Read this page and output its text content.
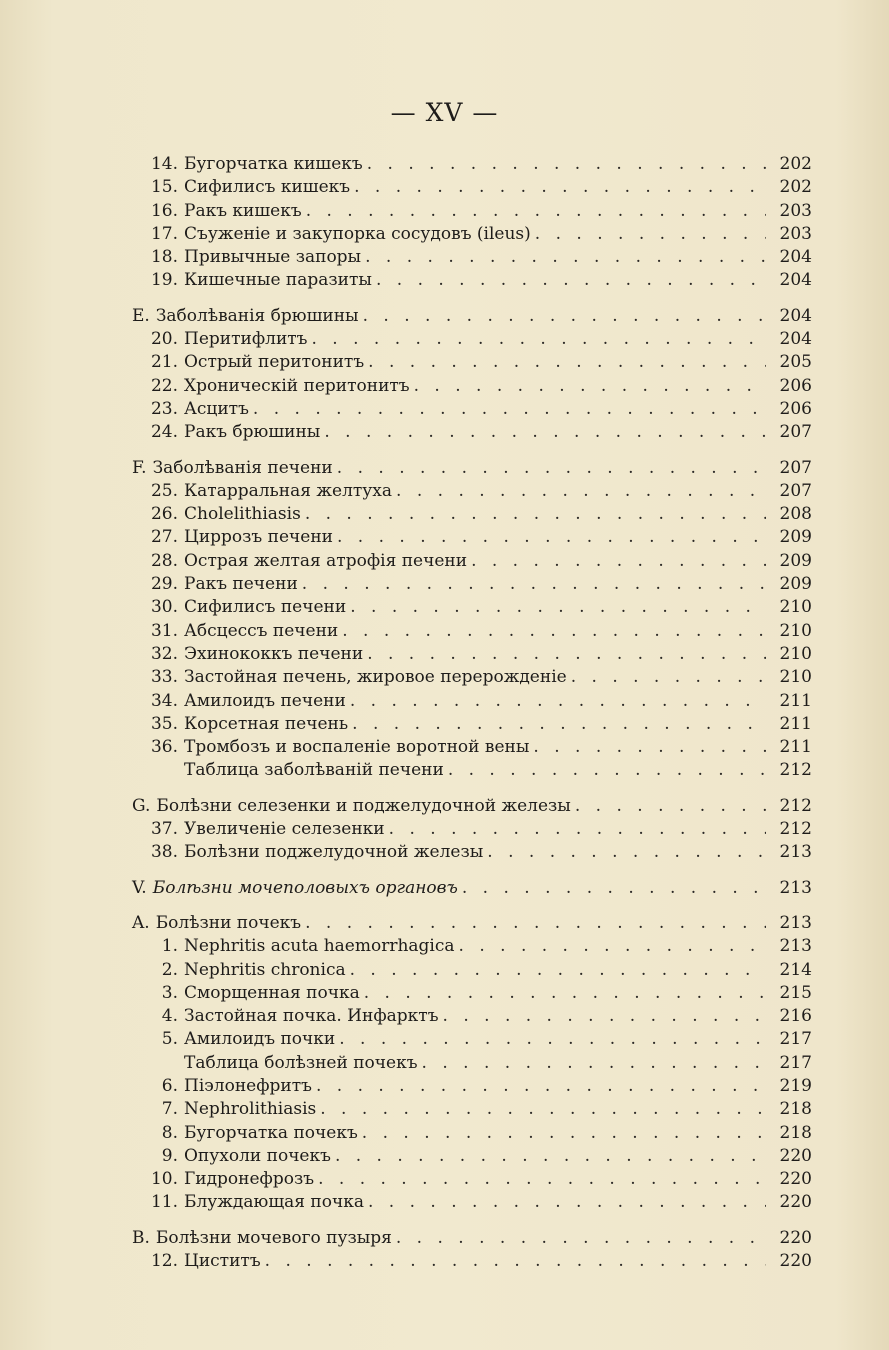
— XV —
14. Бугорчатка кишекъ . . .	202
15. Сифилисъ кишекъ . . .	202
16. Ракъ кишекъ . . .	203
17. Съуженіе и закупорка сосудовъ (ileus) . . .	203
18. Привычные запоры . . .	204
19. Кишечные паразиты . . .	204
E. Заболѣванія брюшины . . .	204
20. Перитифлитъ . . .	204
21. Острый перитонитъ . . .	205
22. Хроническій перитонитъ . . .	206
23. Асцитъ . . .	206
24. Ракъ брюшины . . .	207
F. Заболѣванія печени . . .	207
25. Катарральная желтуха . . .	207
26. Cholelithiasis . . .	208
27. Циррозъ печени . . .	209
28. Острая желтая атрофія печени . . .	209
29. Ракъ печени . . .	209
30. Сифилисъ печени . . .	210
31. Абсцессъ печени . . .	210
32. Эхинококкъ печени . . .	210
33. Застойная печень, жировое перерожденіе . . .	210
34. Амилоидъ печени . . .	211
35. Корсетная печень . . .	211
36. Тромбозъ и воспаленіе воротной вены . . .	211
Таблица заболѣваній печени . . .	212
G. Болѣзни селезенки и поджелудочной железы . . .	212
37. Увеличеніе селезенки . . .	212
38. Болѣзни поджелудочной железы . . .	213
V. Болѣзни мочеполовыхъ органовъ . . .	213
A. Болѣзни почекъ . . .	213
1. Nephritis acuta haemorrhagica . . .	213
2. Nephritis chronica . . .	214
3. Сморщенная почка . . .	215
4. Застойная почка. Инфарктъ . . .	216
5. Амилоидъ почки . . .	217
Таблица болѣзней почекъ . . .	217
6. Піэлонефритъ . . .	219
7. Nephrolithiasis . . .	218
8. Бугорчатка почекъ . . .	218
9. Опухоли почекъ . . .	220
10. Гидронефрозъ . . .	220
11. Блуждающая почка . . .	220
B. Болѣзни мочевого пузыря . . .	220
12. Циститъ . . .	220
